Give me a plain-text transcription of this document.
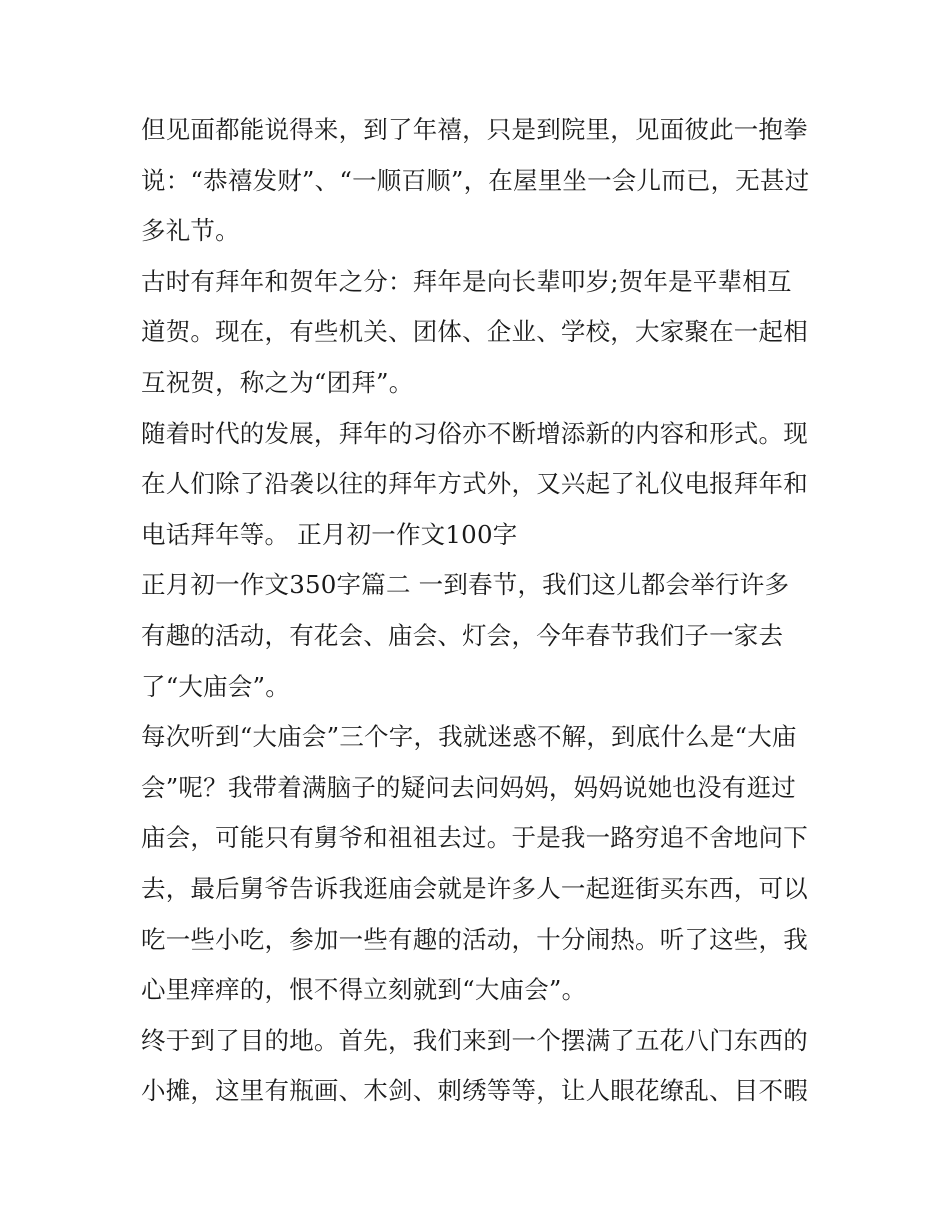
但见面都能说得来，到了年禧，只是到院里，见面彼此一抱拳
说：“恭禧发财”、“一顺百顺”，在屋里坐一会儿而已，无甚过
多礼节。
古时有拜年和贺年之分：拜年是向长辈叩岁;贺年是平辈相互
道贺。现在，有些机关、团体、企业、学校，大家聚在一起相
互祝贺，称之为“团拜”。
随着时代的发展，拜年的习俗亦不断增添新的内容和形式。现
在人们除了沿袭以往的拜年方式外，又兴起了礼仪电报拜年和
电话拜年等。 正月初一作文100字
正月初一作文350字篇二 一到春节，我们这儿都会举行许多
有趣的活动，有花会、庙会、灯会，今年春节我们子一家去
了“大庙会”。
每次听到“大庙会”三个字，我就迷惑不解，到底什么是“大庙
会”呢？我带着满脑子的疑问去问妈妈，妈妈说她也没有逛过
庙会，可能只有舅爷和祖祖去过。于是我一路穷追不舍地问下
去，最后舅爷告诉我逛庙会就是许多人一起逛街买东西，可以
吃一些小吃，参加一些有趣的活动，十分闹热。听了这些，我
心里痒痒的，恨不得立刻就到“大庙会”。
终于到了目的地。首先，我们来到一个摆满了五花八门东西的
小摊，这里有瓶画、木剑、刺绣等等，让人眼花缭乱、目不暇
